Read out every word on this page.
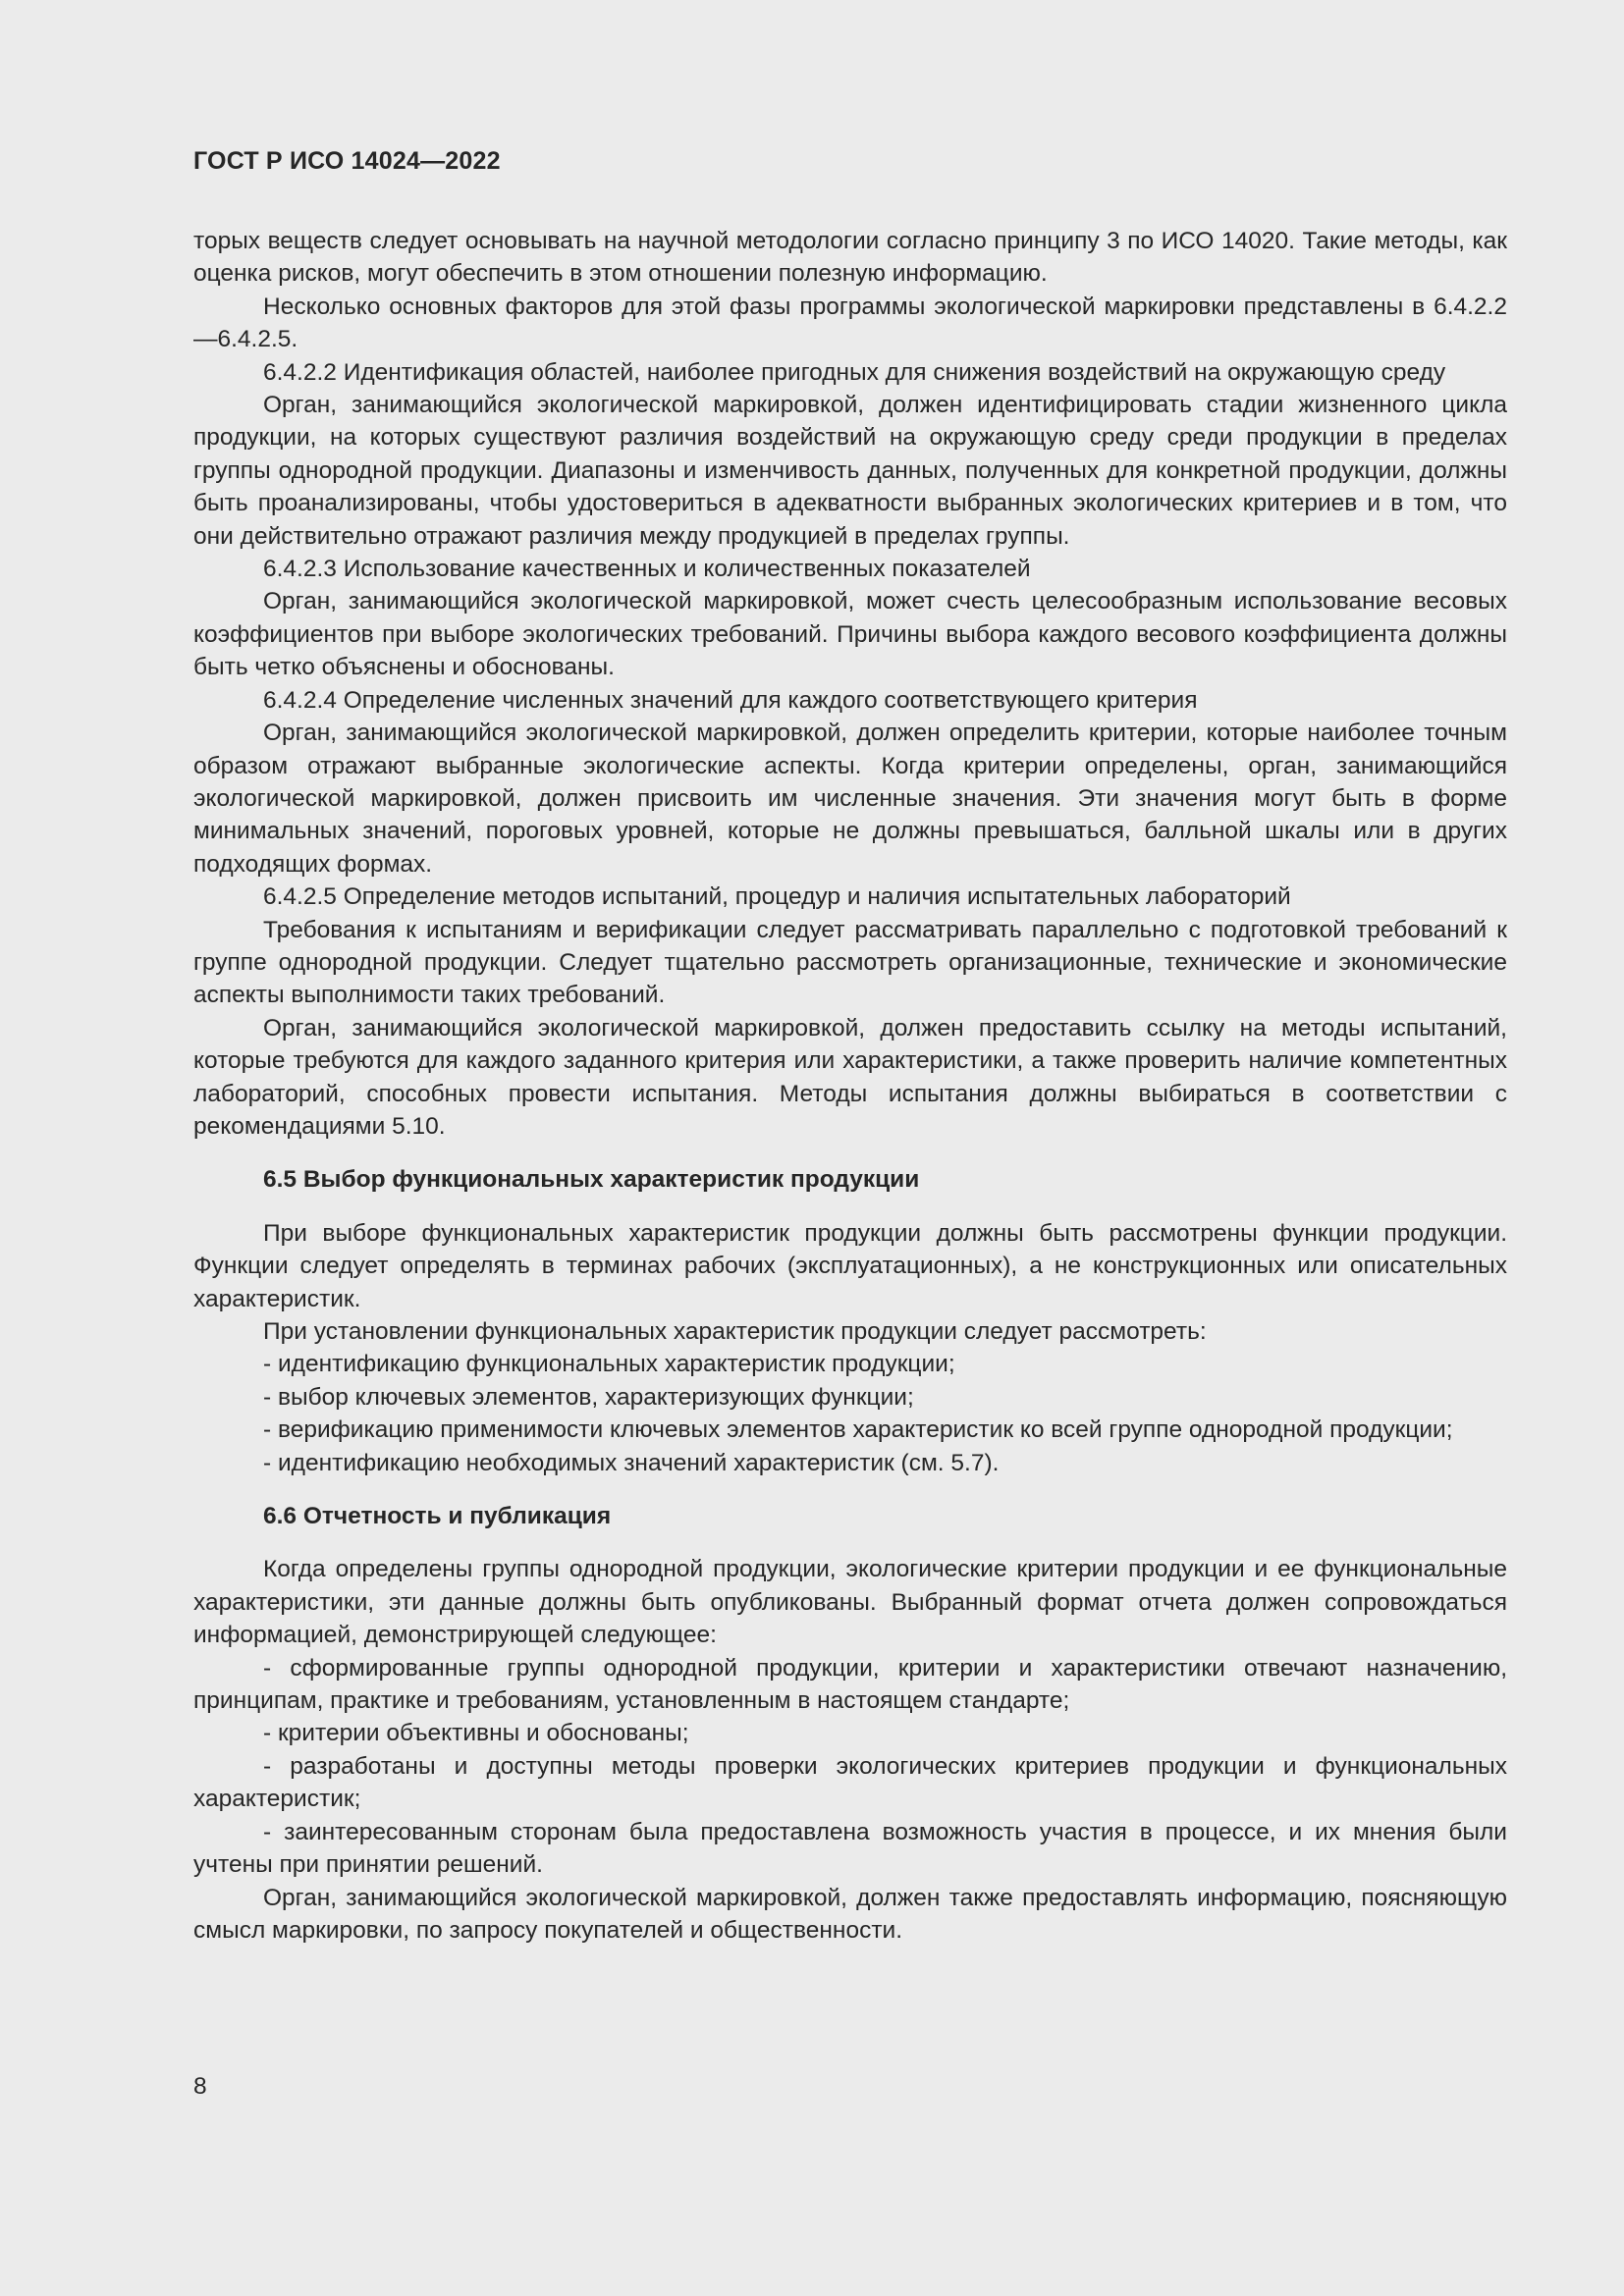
ГОСТ Р ИСО 14024—2022

торых веществ следует основывать на научной методологии согласно принципу 3 по ИСО 14020. Такие методы, как оценка рисков, могут обеспечить в этом отношении полезную информацию.

Несколько основных факторов для этой фазы программы экологической маркировки представлены в 6.4.2.2—6.4.2.5.

6.4.2.2 Идентификация областей, наиболее пригодных для снижения воздействий на окружающую среду

Орган, занимающийся экологической маркировкой, должен идентифицировать стадии жизненного цикла продукции, на которых существуют различия воздействий на окружающую среду среди продукции в пределах группы однородной продукции. Диапазоны и изменчивость данных, полученных для конкретной продукции, должны быть проанализированы, чтобы удостовериться в адекватности выбранных экологических критериев и в том, что они действительно отражают различия между продукцией в пределах группы.

6.4.2.3 Использование качественных и количественных показателей

Орган, занимающийся экологической маркировкой, может счесть целесообразным использование весовых коэффициентов при выборе экологических требований. Причины выбора каждого весового коэффициента должны быть четко объяснены и обоснованы.

6.4.2.4 Определение численных значений для каждого соответствующего критерия

Орган, занимающийся экологической маркировкой, должен определить критерии, которые наиболее точным образом отражают выбранные экологические аспекты. Когда критерии определены, орган, занимающийся экологической маркировкой, должен присвоить им численные значения. Эти значения могут быть в форме минимальных значений, пороговых уровней, которые не должны превышаться, балльной шкалы или в других подходящих формах.

6.4.2.5 Определение методов испытаний, процедур и наличия испытательных лабораторий

Требования к испытаниям и верификации следует рассматривать параллельно с подготовкой требований к группе однородной продукции. Следует тщательно рассмотреть организационные, технические и экономические аспекты выполнимости таких требований.

Орган, занимающийся экологической маркировкой, должен предоставить ссылку на методы испытаний, которые требуются для каждого заданного критерия или характеристики, а также проверить наличие компетентных лабораторий, способных провести испытания. Методы испытания должны выбираться в соответствии с рекомендациями 5.10.

6.5 Выбор функциональных характеристик продукции

При выборе функциональных характеристик продукции должны быть рассмотрены функции продукции. Функции следует определять в терминах рабочих (эксплуатационных), а не конструкционных или описательных характеристик.

При установлении функциональных характеристик продукции следует рассмотреть:

- идентификацию функциональных характеристик продукции;

- выбор ключевых элементов, характеризующих функции;

- верификацию применимости ключевых элементов характеристик ко всей группе однородной продукции;

- идентификацию необходимых значений характеристик (см. 5.7).

6.6 Отчетность и публикация

Когда определены группы однородной продукции, экологические критерии продукции и ее функциональные характеристики, эти данные должны быть опубликованы. Выбранный формат отчета должен сопровождаться информацией, демонстрирующей следующее:

- сформированные группы однородной продукции, критерии и характеристики отвечают назначению, принципам, практике и требованиям, установленным в настоящем стандарте;

- критерии объективны и обоснованы;

- разработаны и доступны методы проверки экологических критериев продукции и функциональных характеристик;

- заинтересованным сторонам была предоставлена возможность участия в процессе, и их мнения были учтены при принятии решений.

Орган, занимающийся экологической маркировкой, должен также предоставлять информацию, поясняющую смысл маркировки, по запросу покупателей и общественности.

8
